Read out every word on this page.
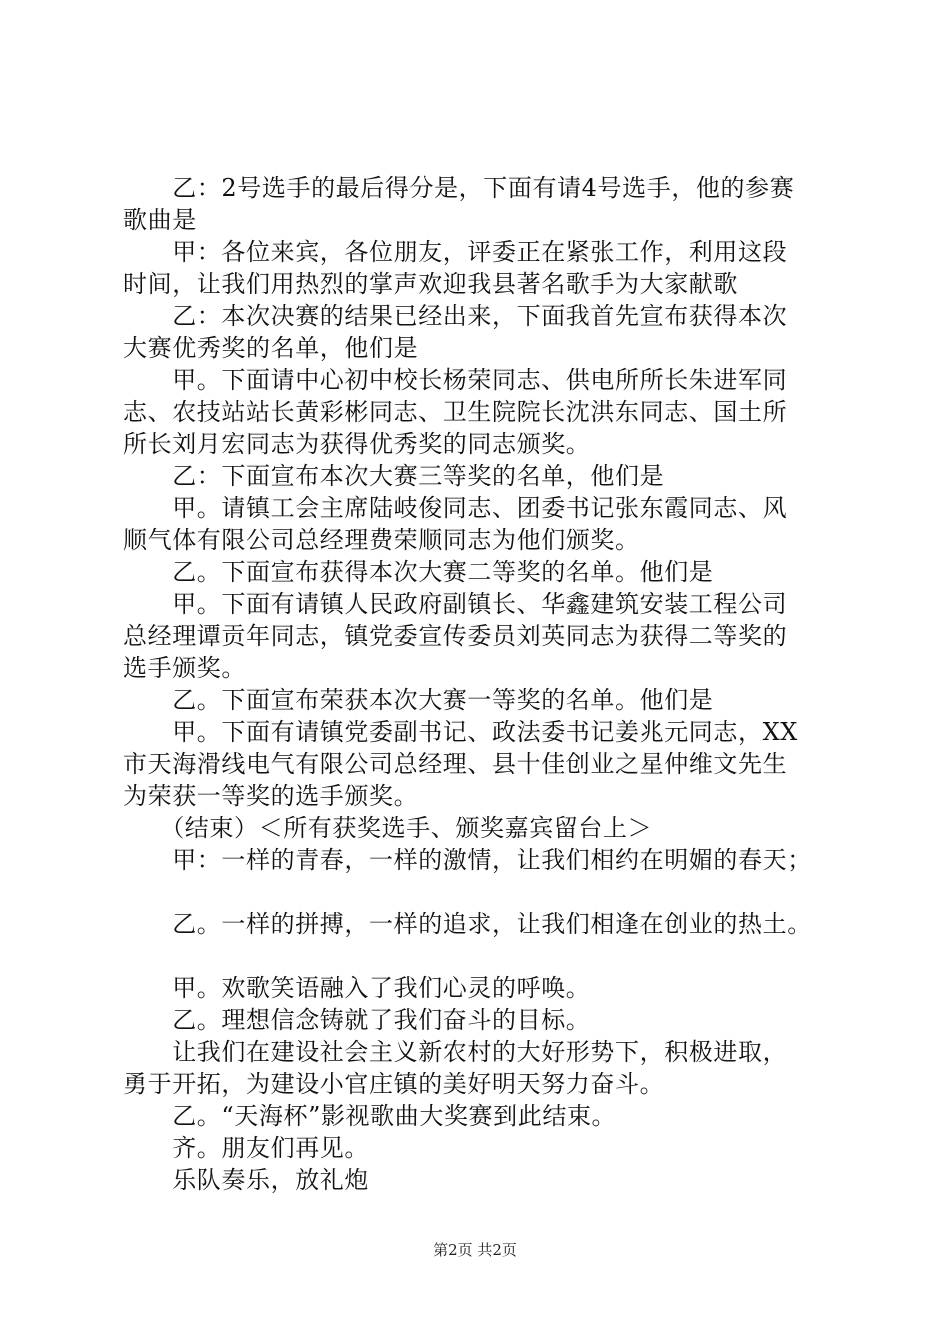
　　乙：2号选手的最后得分是，下面有请4号选手，他的参赛
歌曲是
　　甲：各位来宾，各位朋友，评委正在紧张工作，利用这段
时间，让我们用热烈的掌声欢迎我县著名歌手为大家献歌
　　乙：本次决赛的结果已经出来，下面我首先宣布获得本次
大赛优秀奖的名单，他们是
　　甲。下面请中心初中校长杨荣同志、供电所所长朱进军同
志、农技站站长黄彩彬同志、卫生院院长沈洪东同志、国土所
所长刘月宏同志为获得优秀奖的同志颁奖。
　　乙：下面宣布本次大赛三等奖的名单，他们是
　　甲。请镇工会主席陆岐俊同志、团委书记张东霞同志、风
顺气体有限公司总经理费荣顺同志为他们颁奖。
　　乙。下面宣布获得本次大赛二等奖的名单。他们是
　　甲。下面有请镇人民政府副镇长、华鑫建筑安装工程公司
总经理谭贡年同志，镇党委宣传委员刘英同志为获得二等奖的
选手颁奖。
　　乙。下面宣布荣获本次大赛一等奖的名单。他们是
　　甲。下面有请镇党委副书记、政法委书记姜兆元同志，XX
市天海滑线电气有限公司总经理、县十佳创业之星仲维文先生
为荣获一等奖的选手颁奖。
　　（结束）＜所有获奖选手、颁奖嘉宾留台上＞
　　甲：一样的青春，一样的激情，让我们相约在明媚的春天；
　　乙。一样的拼搏，一样的追求，让我们相逢在创业的热土。
　　甲。欢歌笑语融入了我们心灵的呼唤。
　　乙。理想信念铸就了我们奋斗的目标。
　　让我们在建设社会主义新农村的大好形势下，积极进取，
勇于开拓，为建设小官庄镇的美好明天努力奋斗。
　　乙。“天海杯”影视歌曲大奖赛到此结束。
　　齐。朋友们再见。
　　乐队奏乐，放礼炮
第2页 共2页
